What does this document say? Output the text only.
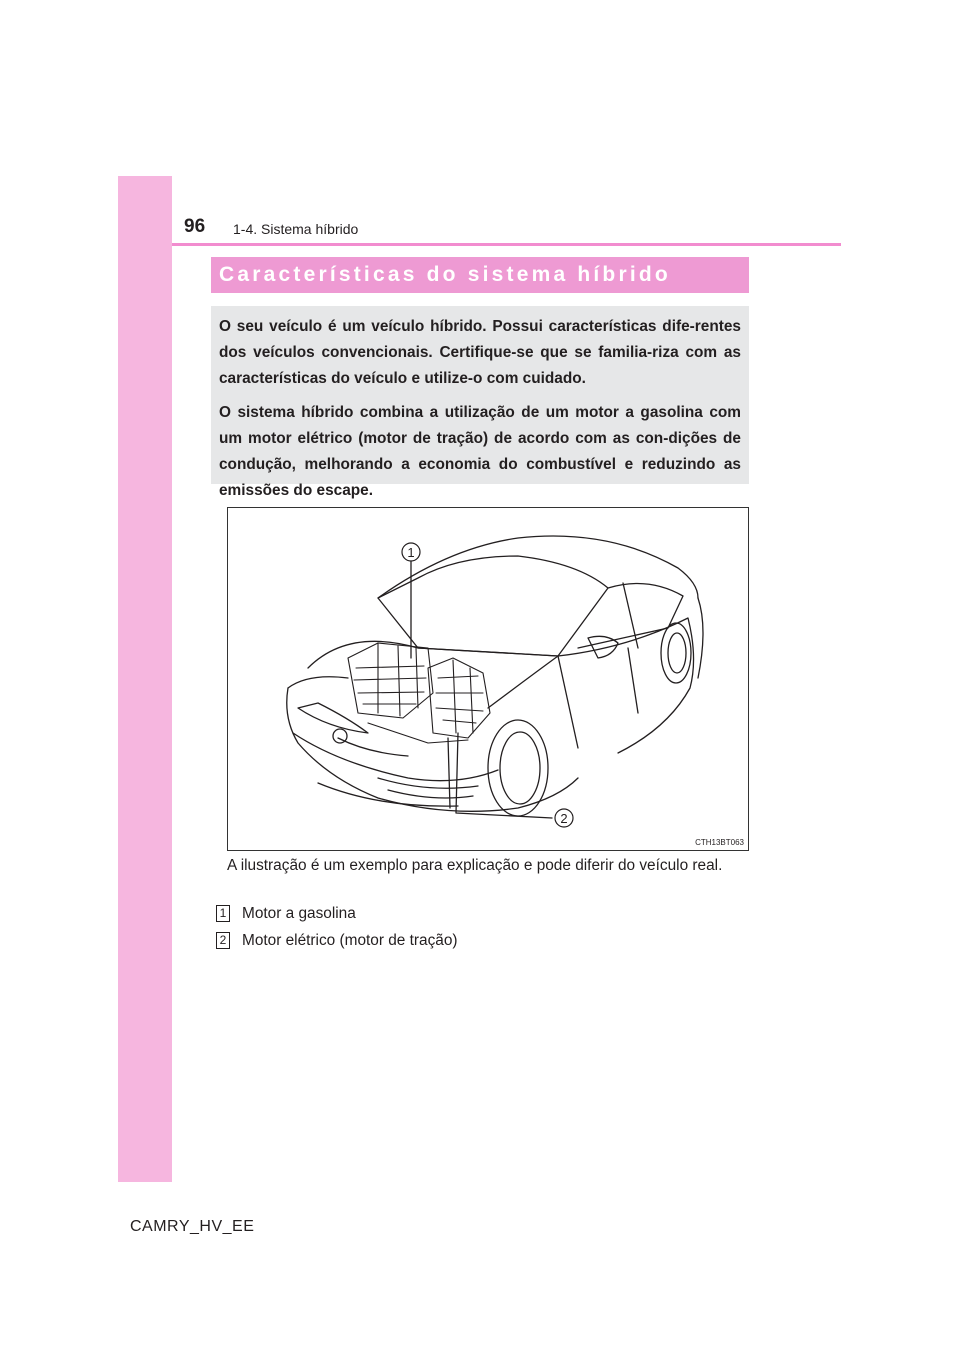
96 1-4. Sistema híbrido
Características do sistema híbrido

O seu veículo é um veículo híbrido. Possui características dife-rentes dos veículos convencionais. Certifique-se que se familia-riza com as características do veículo e utilize-o com cuidado.

O sistema híbrido combina a utilização de um motor a gasolina com um motor elétrico (motor de tração) de acordo com as con-dições de condução, melhorando a economia do combustível e reduzindo as emissões do escape.

1
2
CTH13BT063

A ilustração é um exemplo para explicação e pode diferir do veículo real.

1 Motor a gasolina
2 Motor elétrico (motor de tração)
CAMRY_HV_EE
